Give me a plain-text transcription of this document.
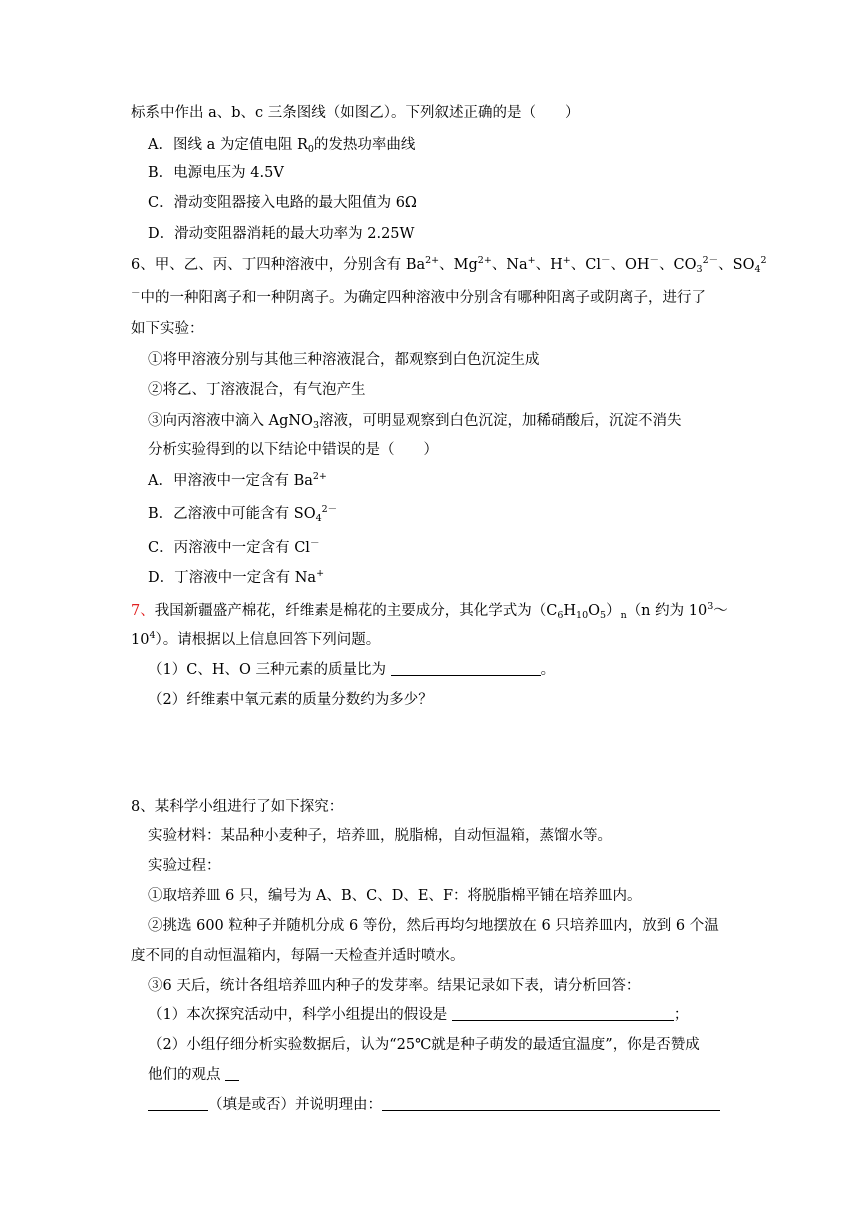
标系中作出 a、b、c 三条图线（如图乙）。下列叙述正确的是（　　）
A．图线 a 为定值电阻 $R_0$的发热功率曲线
B．电源电压为 4.5V
C．滑动变阻器接入电路的最大阻值为 6Ω
D．滑动变阻器消耗的最大功率为 2.25W
6、甲、乙、丙、丁四种溶液中，分别含有 $Ba^{2+}$、$Mg^{2+}$、Na+、H+、Cl－、OH－、$CO_3^{2-}$、$SO_4^2$
－中的一种阳离子和一种阴离子。为确定四种溶液中分别含有哪种阳离子或阴离子，进行了
如下实验：
①将甲溶液分别与其他三种溶液混合，都观察到白色沉淀生成
②将乙、丁溶液混合，有气泡产生
③向丙溶液中滴入 AgNO$_3$溶液，可明显观察到白色沉淀，加稀硝酸后，沉淀不消失
分析实验得到的以下结论中错误的是（　　）
A．甲溶液中一定含有 $Ba^{2+}$
B．乙溶液中可能含有 $SO_4^{2-}$
C．丙溶液中一定含有 Cl－
D．丁溶液中一定含有 Na+
7、我国新疆盛产棉花，纤维素是棉花的主要成分，其化学式为$(C_6H_{10}O_5)_n(n$ 约为 $10^3\sim$
$10^4$）。请根据以上信息回答下列问题。
（1）C、H、O 三种元素的质量比为	。
（2）纤维素中氧元素的质量分数约为多少？
8、某科学小组进行了如下探究：
实验材料：某品种小麦种子，培养皿，脱脂棉，自动恒温箱，蒸馏水等。
实验过程：
①取培养皿 6 只，编号为 A、B、C、D、E、F：将脱脂棉平铺在培养皿内。
②挑选 600 粒种子并随机分成 6 等份，然后再均匀地摆放在 6 只培养皿内，放到 6 个温
度不同的自动恒温箱内，每隔一天检查并适时喷水。
③6 天后，统计各组培养皿内种子的发芽率。结果记录如下表，请分析回答：
（1）本次探究活动中，科学小组提出的假设是	；
（2）小组仔细分析实验数据后，认为“25℃就是种子萌发的最适宜温度”，你是否赞成
他们的观点
（填是或否）并说明理由：
